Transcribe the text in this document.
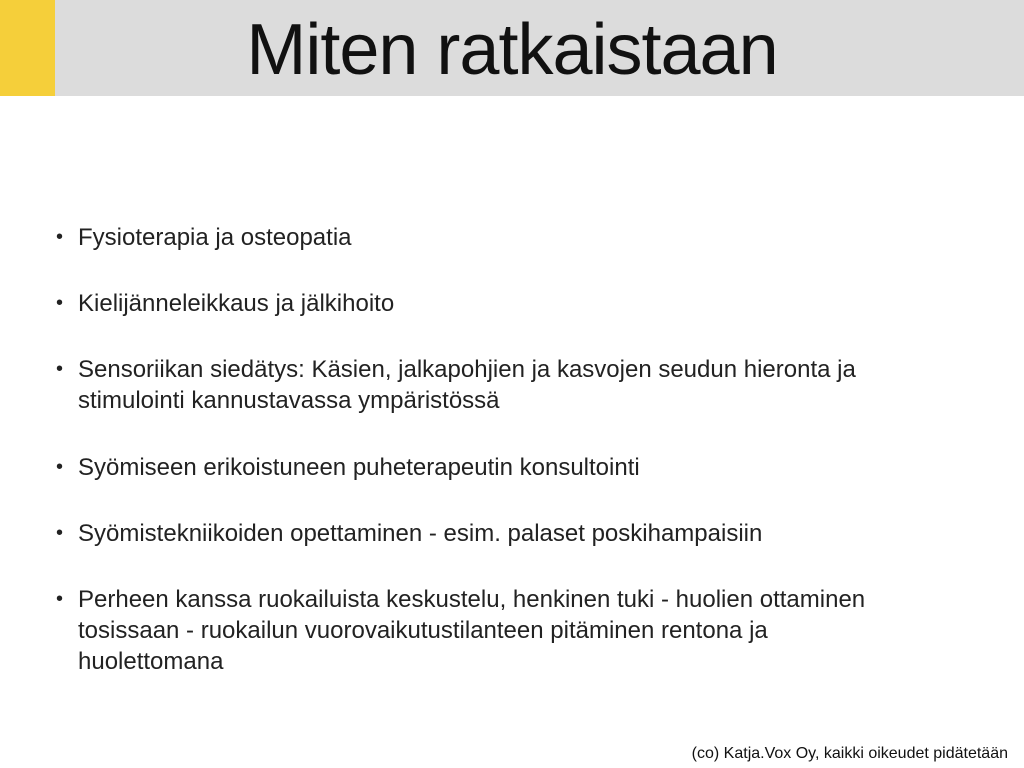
Miten ratkaistaan
• Fysioterapia ja osteopatia
• Kielijänneleikkaus ja jälkihoito
• Sensoriikan siedätys: Käsien, jalkapohjien ja kasvojen seudun hieronta ja stimulointi kannustavassa ympäristössä
• Syömiseen erikoistuneen puheterapeutin konsultointi
• Syömistekniikoiden opettaminen - esim. palaset poskihampaisiin
• Perheen kanssa ruokailuista keskustelu, henkinen tuki - huolien ottaminen tosissaan - ruokailun vuorovaikutustilanteen pitäminen rentona ja huolettomana
(co) Katja.Vox Oy, kaikki oikeudet pidätetään
